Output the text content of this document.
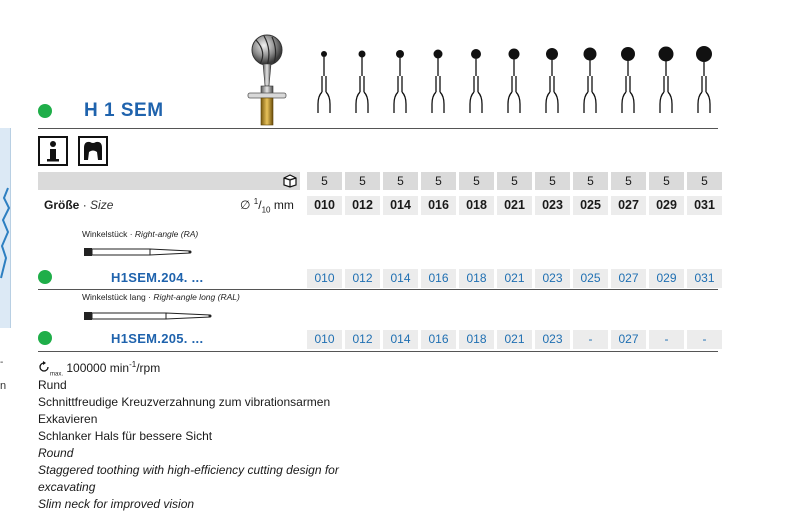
-
n
H 1 SEM
5	5	5	5	5	5	5	5	5	5	5
Größe · Size	∅ $^1/_{10}$ mm	010	012	014	016	018	021	023	025	027	029	031
Winkelstück · Right-angle (RA)
H1SEM.204. ...	010	012	014	016	018	021	023	025	027	029	031
Winkelstück lang · Right-angle long (RAL)
H1SEM.205. ...	010	012	014	016	018	021	023	-	027	-	-
$_{max.}$ 100000 $\min^{-1}$/rpm
Rund
Schnittfreudige Kreuzverzahnung zum vibrationsarmen
Exkavieren
Schlanker Hals für bessere Sicht
Round
Staggered toothing with high-efficiency cutting design for
excavating
Slim neck for improved vision
